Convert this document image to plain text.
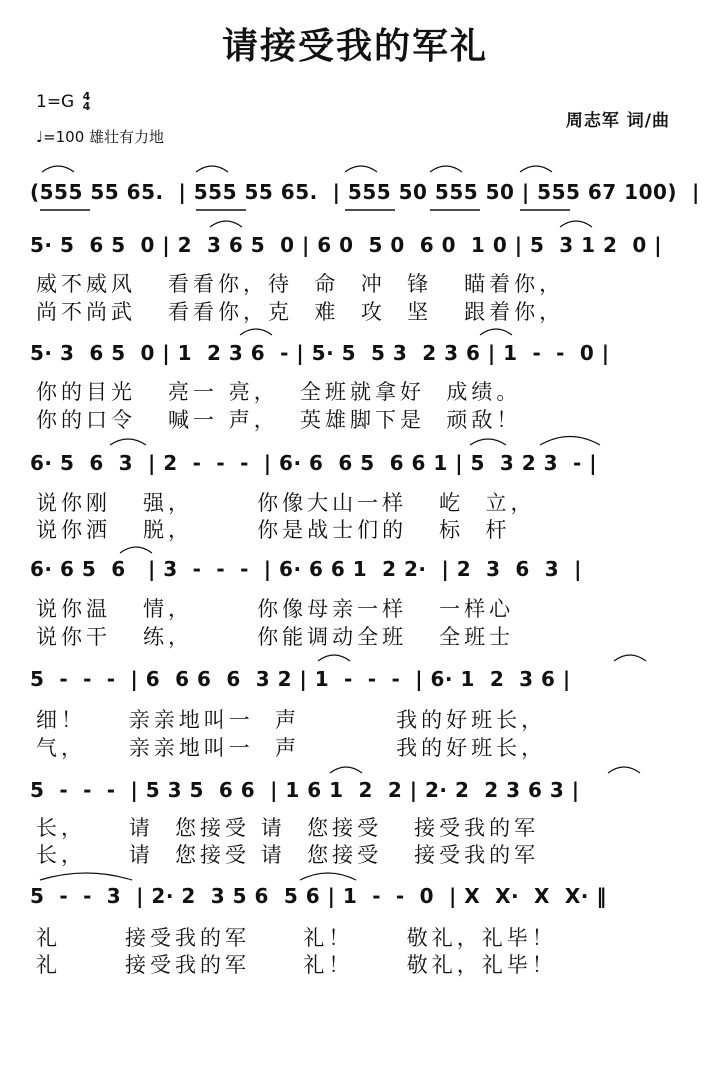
请接受我的军礼
1=G 4
4
♩=100 雄壮有力地
周志军 词/曲
(555 55 65.  | 555 55 65.  | 555 50 555 50 | 555 67 100)  |
5· 5  6 5  0 | 2  3 6 5  0 | 6 0  5 0  6 0  1 0 | 5  3 1 2  0 |
威不威风   看看你，待  命  冲  锋   瞄着你，
尚不尚武   看看你，克  难  攻  坚   跟着你，
5· 3  6 5  0 | 1  2 3 6  - | 5· 5  5 3  2 3 6 | 1  -  -  0 |
你的目光   亮一 亮，  全班就拿好  成绩。
你的口令   喊一 声，  英雄脚下是  顽敌！
6· 5  6  3  | 2  -  -  -  | 6· 6  6 5  6 6 1 | 5  3 2 3  - |
说你刚   强，      你像大山一样   屹  立，
说你洒   脱，      你是战士们的   标  杆
6· 6 5  6   | 3  -  -  -  | 6· 6 6 1  2 2·  | 2  3  6  3  |
说你温   情，      你像母亲一样   一样心
说你干   练，      你能调动全班   全班士
5  -  -  -  | 6  6 6  6  3 2 | 1  -  -  -  | 6· 1  2  3 6 |
细！    亲亲地叫一  声         我的好班长，
气，    亲亲地叫一  声         我的好班长，
5  -  -  -  | 5 3 5  6 6  | 1 6 1  2  2 | 2· 2  2 3 6 3 |
长，    请  您接受 请  您接受   接受我的军
长，    请  您接受 请  您接受   接受我的军
5  -  -  3  | 2· 2  3 5 6  5 6 | 1  -  -  0  | X  X·  X  X· ‖
礼      接受我的军     礼！     敬礼，礼毕！
礼      接受我的军     礼！     敬礼，礼毕！
